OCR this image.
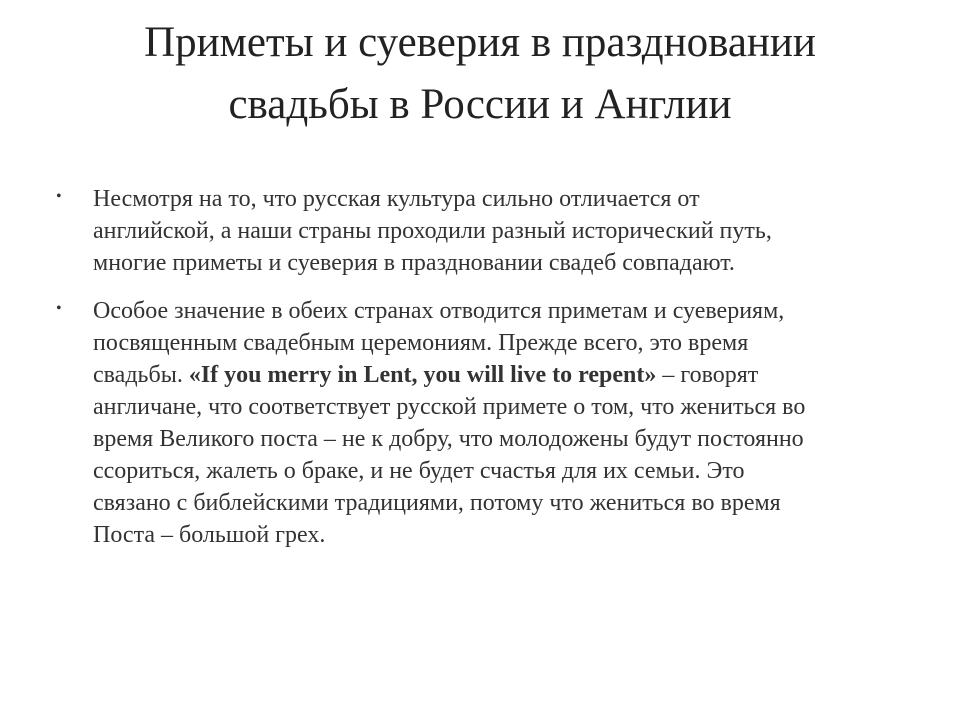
Приметы и суеверия в праздновании
свадьбы в России и Англии
• Несмотря на то, что русская культура сильно отличается от
английской, а наши страны проходили разный исторический путь,
многие приметы и суеверия в праздновании свадеб совпадают.
• Особое значение в обеих странах отводится приметам и суевериям,
посвященным свадебным церемониям. Прежде всего, это время
свадьбы. «If you merry in Lent, you will live to repent» – говорят
англичане, что соответствует русской примете о том, что жениться во
время Великого поста – не к добру, что молодожены будут постоянно
ссориться, жалеть о браке, и не будет счастья для их семьи. Это
связано с библейскими традициями, потому что жениться во время
Поста – большой грех.
